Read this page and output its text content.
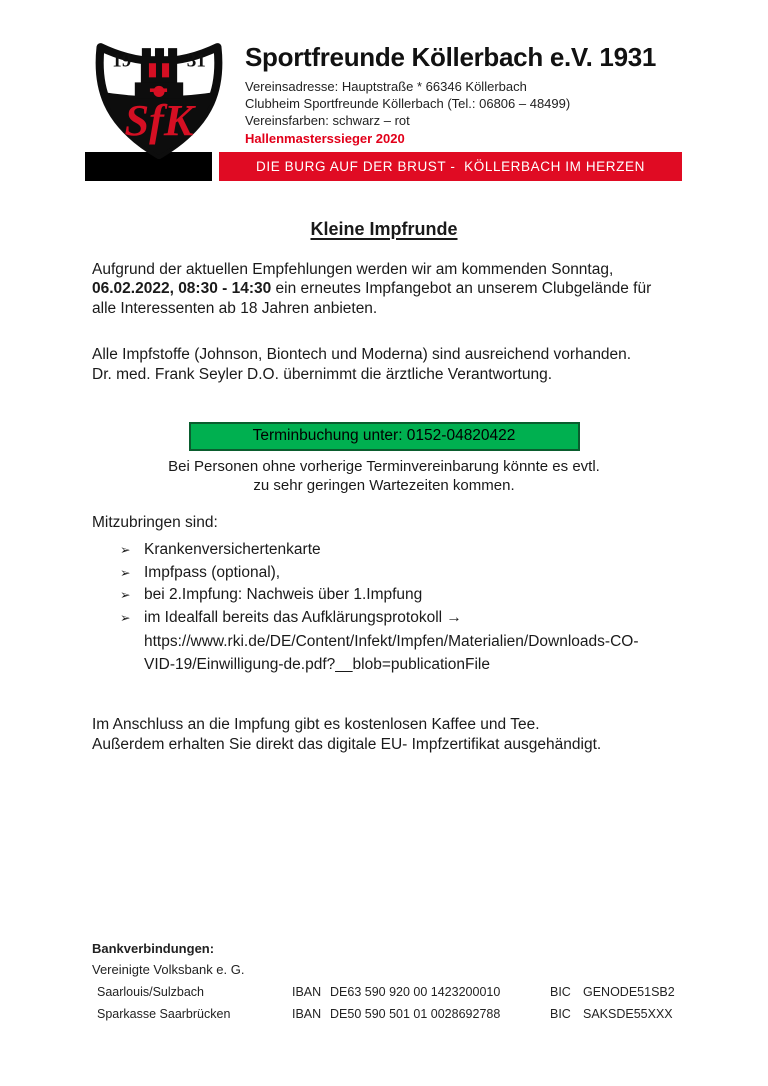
19	31
SfK
Sportfreunde Köllerbach e.V. 1931
Vereinsadresse: Hauptstraße * 66346 Köllerbach
Clubheim Sportfreunde Köllerbach (Tel.: 06806 – 48499)
Vereinsfarben: schwarz – rot
Hallenmasterssieger 2020
DIE BURG AUF DER BRUST -  KÖLLERBACH IM HERZEN
Kleine Impfrunde

Aufgrund der aktuellen Empfehlungen werden wir am kommenden Sonntag,
06.02.2022, 08:30 - 14:30 ein erneutes Impfangebot an unserem Clubgelände für
alle Interessenten ab 18 Jahren anbieten.

Alle Impfstoffe (Johnson, Biontech und Moderna) sind ausreichend vorhanden.
Dr. med. Frank Seyler D.O. übernimmt die ärztliche Verantwortung.

Terminbuchung unter: 0152-04820422
Bei Personen ohne vorherige Terminvereinbarung könnte es evtl.
zu sehr geringen Wartezeiten kommen.

Mitzubringen sind:

➢ Krankenversichertenkarte
➢ Impfpass (optional),
➢ bei 2.Impfung: Nachweis über 1.Impfung
➢ im Idealfall bereits das Aufklärungsprotokoll →
https://www.rki.de/DE/Content/Infekt/Impfen/Materialien/Downloads-CO-
VID-19/Einwilligung-de.pdf?__blob=publicationFile

Im Anschluss an die Impfung gibt es kostenlosen Kaffee und Tee.
Außerdem erhalten Sie direkt das digitale EU- Impfzertifikat ausgehändigt.

Bankverbindungen:
Vereinigte Volksbank e. G.
Saarlouis/Sulzbach	IBAN DE63 590 920 00 1423200010	BIC GENODE51SB2
Sparkasse Saarbrücken	IBAN DE50 590 501 01 0028692788	BIC SAKSDE55XXX
